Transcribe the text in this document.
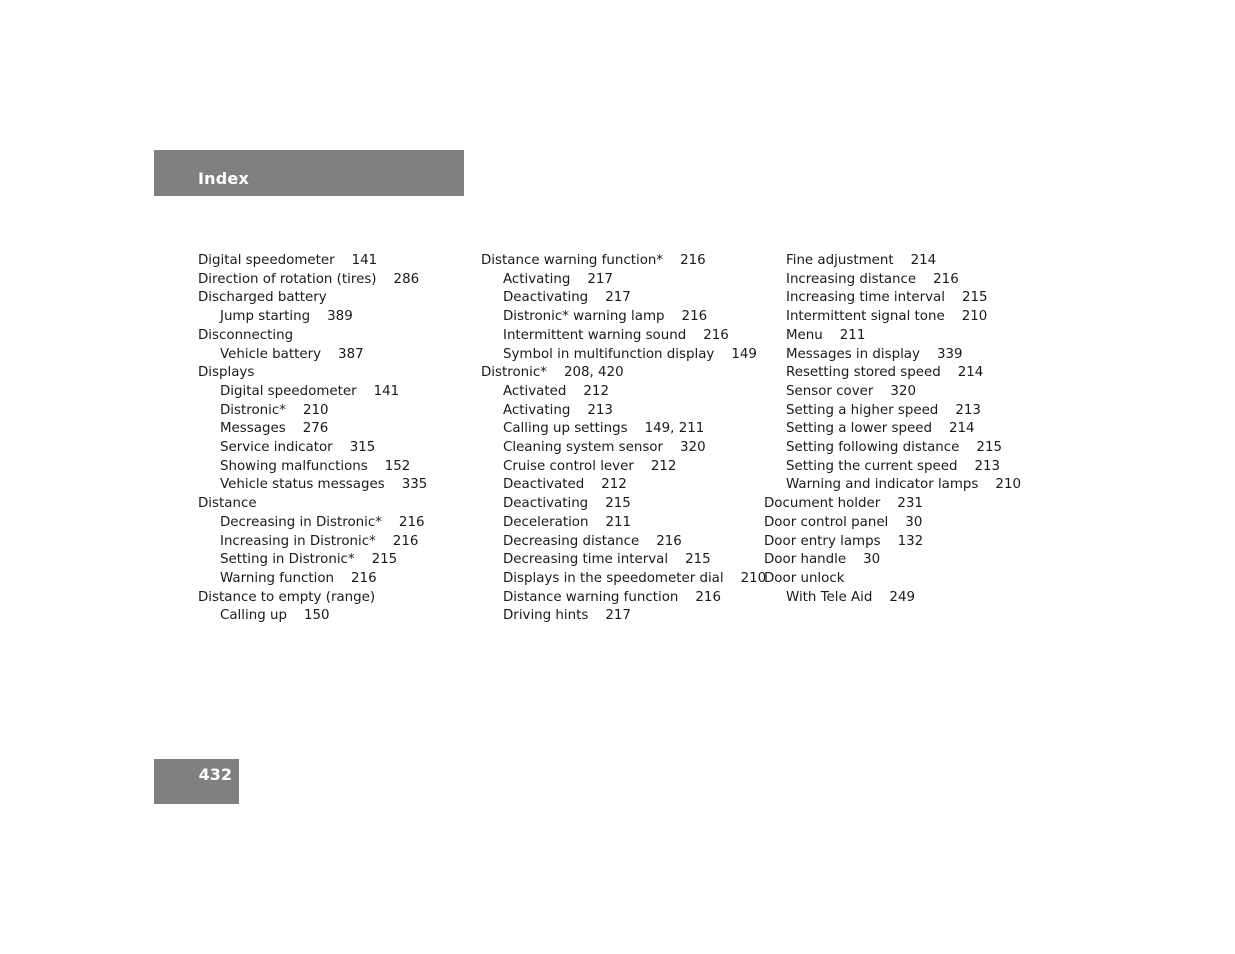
Index
Digital speedometer    141
Direction of rotation (tires)    286
Discharged battery
Jump starting    389
Disconnecting
Vehicle battery    387
Displays
Digital speedometer    141
Distronic*    210
Messages    276
Service indicator    315
Showing malfunctions    152
Vehicle status messages    335
Distance
Decreasing in Distronic*    216
Increasing in Distronic*    216
Setting in Distronic*    215
Warning function    216
Distance to empty (range)
Calling up    150
Distance warning function*    216
Activating    217
Deactivating    217
Distronic* warning lamp    216
Intermittent warning sound    216
Symbol in multifunction display    149
Distronic*    208, 420
Activated    212
Activating    213
Calling up settings    149, 211
Cleaning system sensor    320
Cruise control lever    212
Deactivated    212
Deactivating    215
Deceleration    211
Decreasing distance    216
Decreasing time interval    215
Displays in the speedometer dial    210
Distance warning function    216
Driving hints    217
Fine adjustment    214
Increasing distance    216
Increasing time interval    215
Intermittent signal tone    210
Menu    211
Messages in display    339
Resetting stored speed    214
Sensor cover    320
Setting a higher speed    213
Setting a lower speed    214
Setting following distance    215
Setting the current speed    213
Warning and indicator lamps    210
Document holder    231
Door control panel    30
Door entry lamps    132
Door handle    30
Door unlock
With Tele Aid    249
432
